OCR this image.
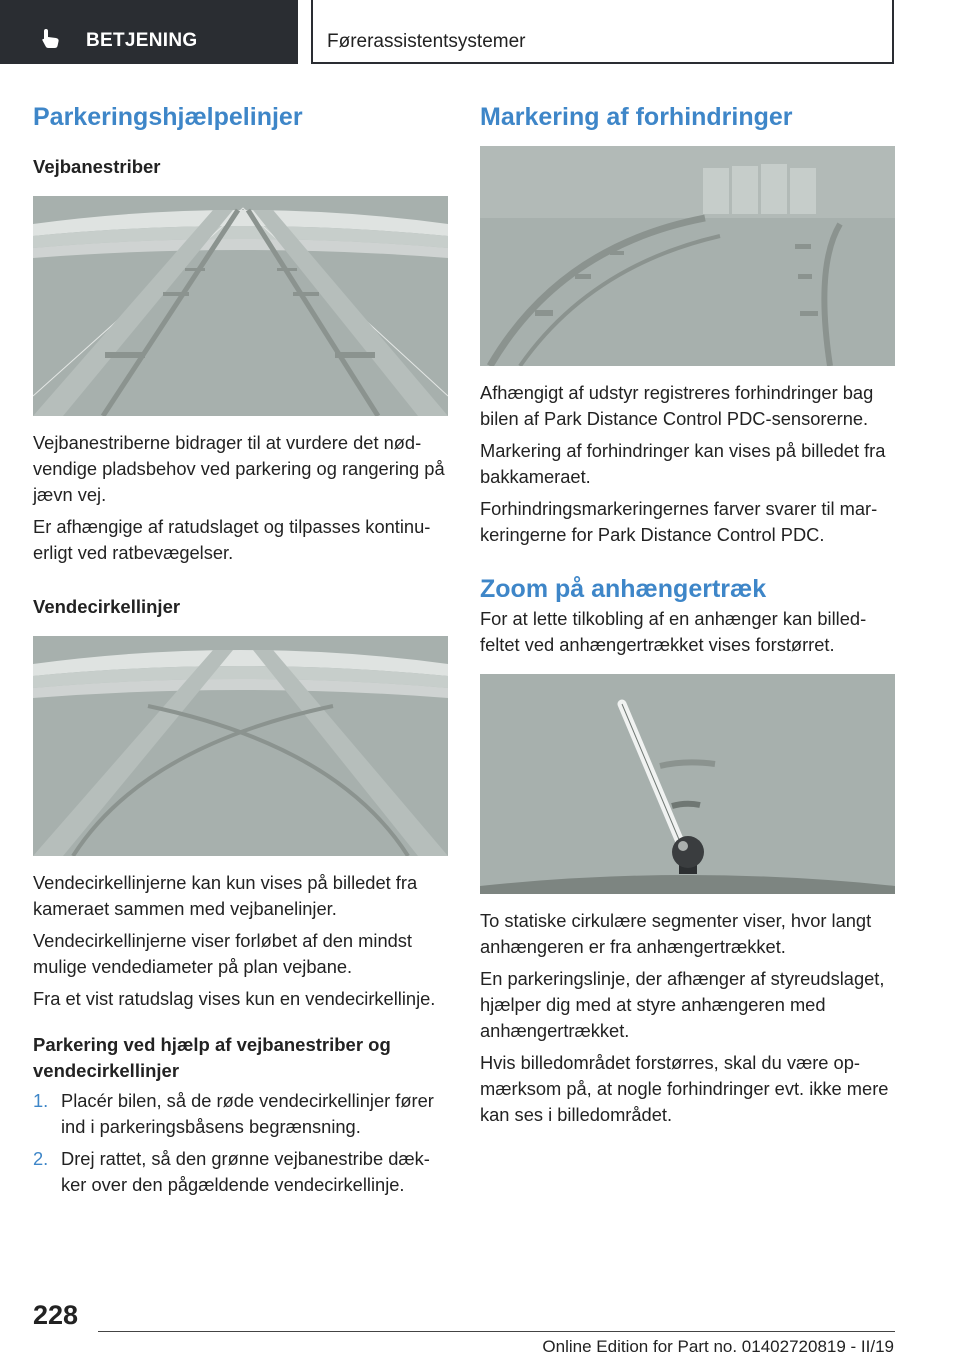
BETJENING	Førerassistentsystemer
Parkeringshjælpelinjer
Vejbanestriber

Vejbanestriberne bidrager til at vurdere det nødvendige pladsbehov ved parkering og rangering på jævn vej.

Er afhængige af ratudslaget og tilpasses kontinuerligt ved ratbevægelser.

Vendecirkellinjer

Vendecirkellinjerne kan kun vises på billedet fra kameraet sammen med vejbanelinjer.

Vendecirkellinjerne viser forløbet af den mindst mulige vendediameter på plan vejbane.

Fra et vist ratudslag vises kun en vendecirkellinje.

Parkering ved hjælp af vejbanestriber og vendecirkellinjer
1. Placér bilen, så de røde vendecirkellinjer fører ind i parkeringsbåsens begrænsning.
2. Drej rattet, så den grønne vejbanestribe dækker over den pågældende vendecirkellinje.
Markering af forhindringer

Afhængigt af udstyr registreres forhindringer bag bilen af Park Distance Control PDC-sensorerne.

Markering af forhindringer kan vises på billedet fra bakkameraet.

Forhindringsmarkeringernes farver svarer til markeringerne for Park Distance Control PDC.

Zoom på anhængertræk

For at lette tilkobling af en anhænger kan billedfeltet ved anhængertrækket vises forstørret.

To statiske cirkulære segmenter viser, hvor langt anhængeren er fra anhængertrækket.

En parkeringslinje, der afhænger af styreudslaget, hjælper dig med at styre anhængeren med anhængertrækket.

Hvis billedområdet forstørres, skal du være opmærksom på, at nogle forhindringer evt. ikke mere kan ses i billedområdet.

228
Online Edition for Part no. 01402720819 - II/19
